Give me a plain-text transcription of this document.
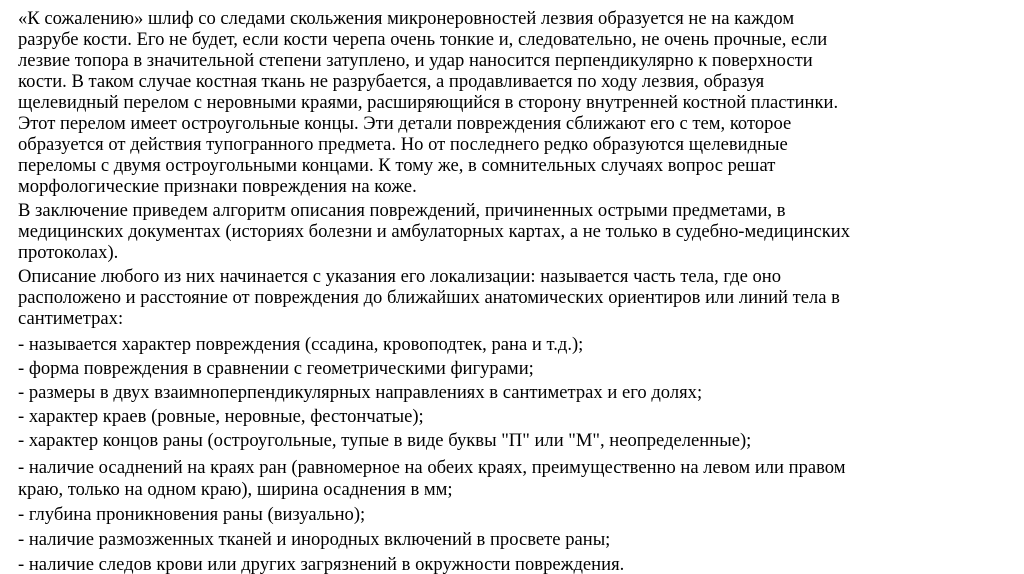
«К сожалению» шлиф со следами скольжения микронеровностей лезвия образуется не на каждом
разрубе кости. Его не будет, если кости черепа очень тонкие и, следовательно, не очень прочные, если
лезвие топора в значительной степени затуплено, и удар наносится перпендикулярно к поверхности
кости. В таком случае костная ткань не разрубается, а продавливается по ходу лезвия, образуя
щелевидный перелом с неровными краями, расширяющийся в сторону внутренней костной пластинки.
Этот перелом имеет остроугольные концы. Эти детали повреждения сближают его с тем, которое
образуется от действия тупогранного предмета. Но от последнего редко образуются щелевидные
переломы с двумя остроугольными концами. К тому же, в сомнительных случаях вопрос решат
морфологические признаки повреждения на коже.
В заключение приведем алгоритм описания повреждений, причиненных острыми предметами, в
медицинских документах (историях болезни и амбулаторных картах, а не только в судебно-медицинских
протоколах).
Описание любого из них начинается с указания его локализации: называется часть тела, где оно
расположено и расстояние от повреждения до ближайших анатомических ориентиров или линий тела в
сантиметрах:
- называется характер повреждения (ссадина, кровоподтек, рана и т.д.);
- форма повреждения в сравнении с геометрическими фигурами;
- размеры в двух взаимноперпендикулярных направлениях в сантиметрах и его долях;
- характер краев (ровные, неровные, фестончатые);
- характер концов раны (остроугольные, тупые в виде буквы "П" или "М", неопределенные);
- наличие осаднений на краях ран (равномерное на обеих краях, преимущественно на левом или правом
краю, только на одном краю), ширина осаднения в мм;
- глубина проникновения раны (визуально);
- наличие размозженных тканей и инородных включений в просвете раны;
- наличие следов крови или других загрязнений в окружности повреждения.
